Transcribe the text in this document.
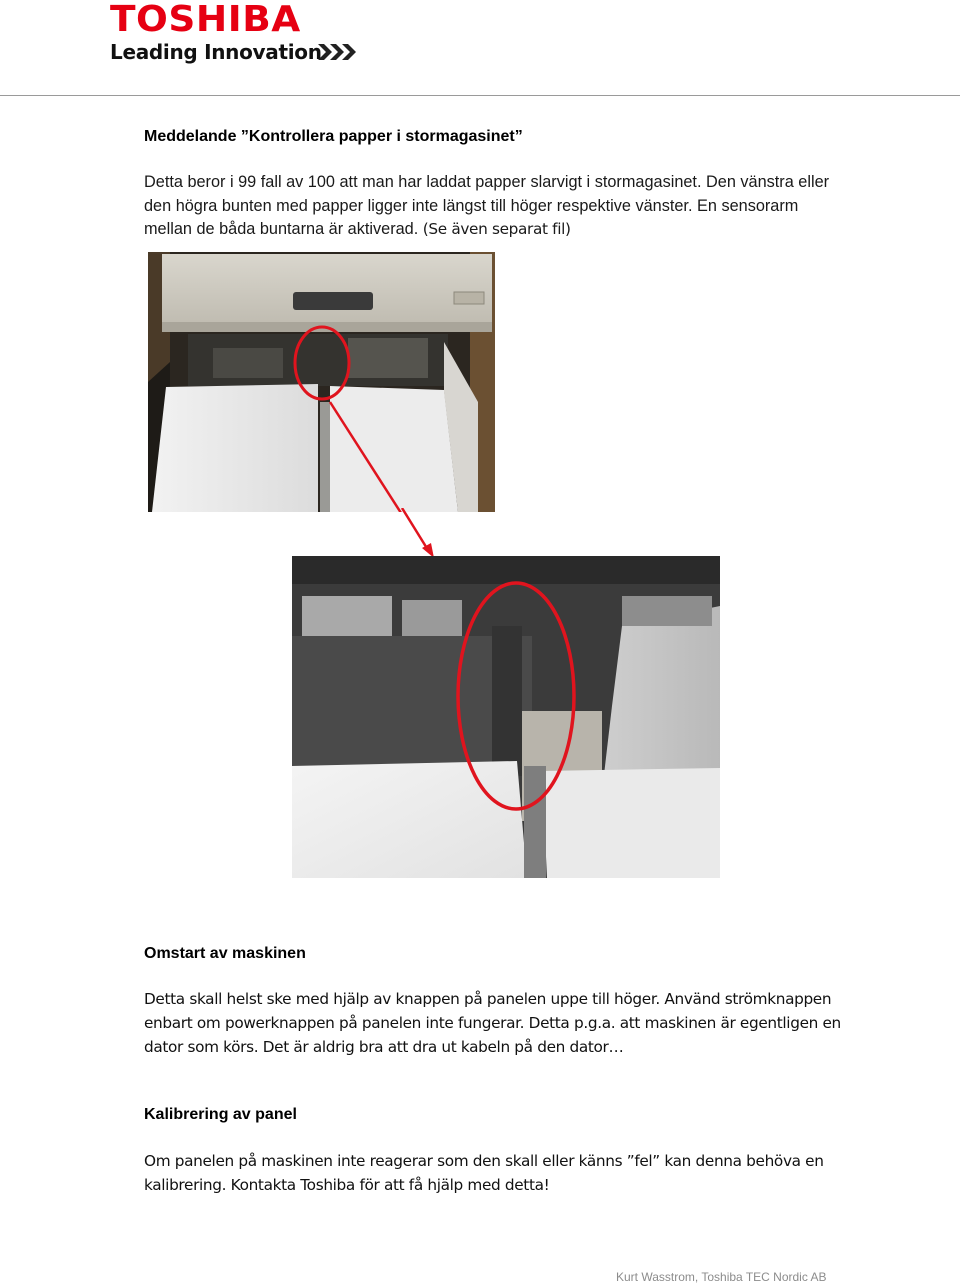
TOSHIBA
Leading Innovation
Meddelande ”Kontrollera papper i stormagasinet”
Detta beror i 99 fall av 100 att man har laddat papper slarvigt i stormagasinet. Den vänstra eller den högra bunten med papper ligger inte längst till höger respektive vänster. En sensorarm mellan de båda buntarna är aktiverad. (Se även separat fil)
Omstart av maskinen
Detta skall helst ske med hjälp av knappen på panelen uppe till höger. Använd strömknappen enbart om powerknappen på panelen inte fungerar. Detta p.g.a. att maskinen är egentligen en dator som körs. Det är aldrig bra att dra ut kabeln på den dator…
Kalibrering av panel
Om panelen på maskinen inte reagerar som den skall eller känns ”fel” kan denna behöva en kalibrering. Kontakta Toshiba för att få hjälp med detta!
Kurt Wasstrom, Toshiba TEC Nordic AB
